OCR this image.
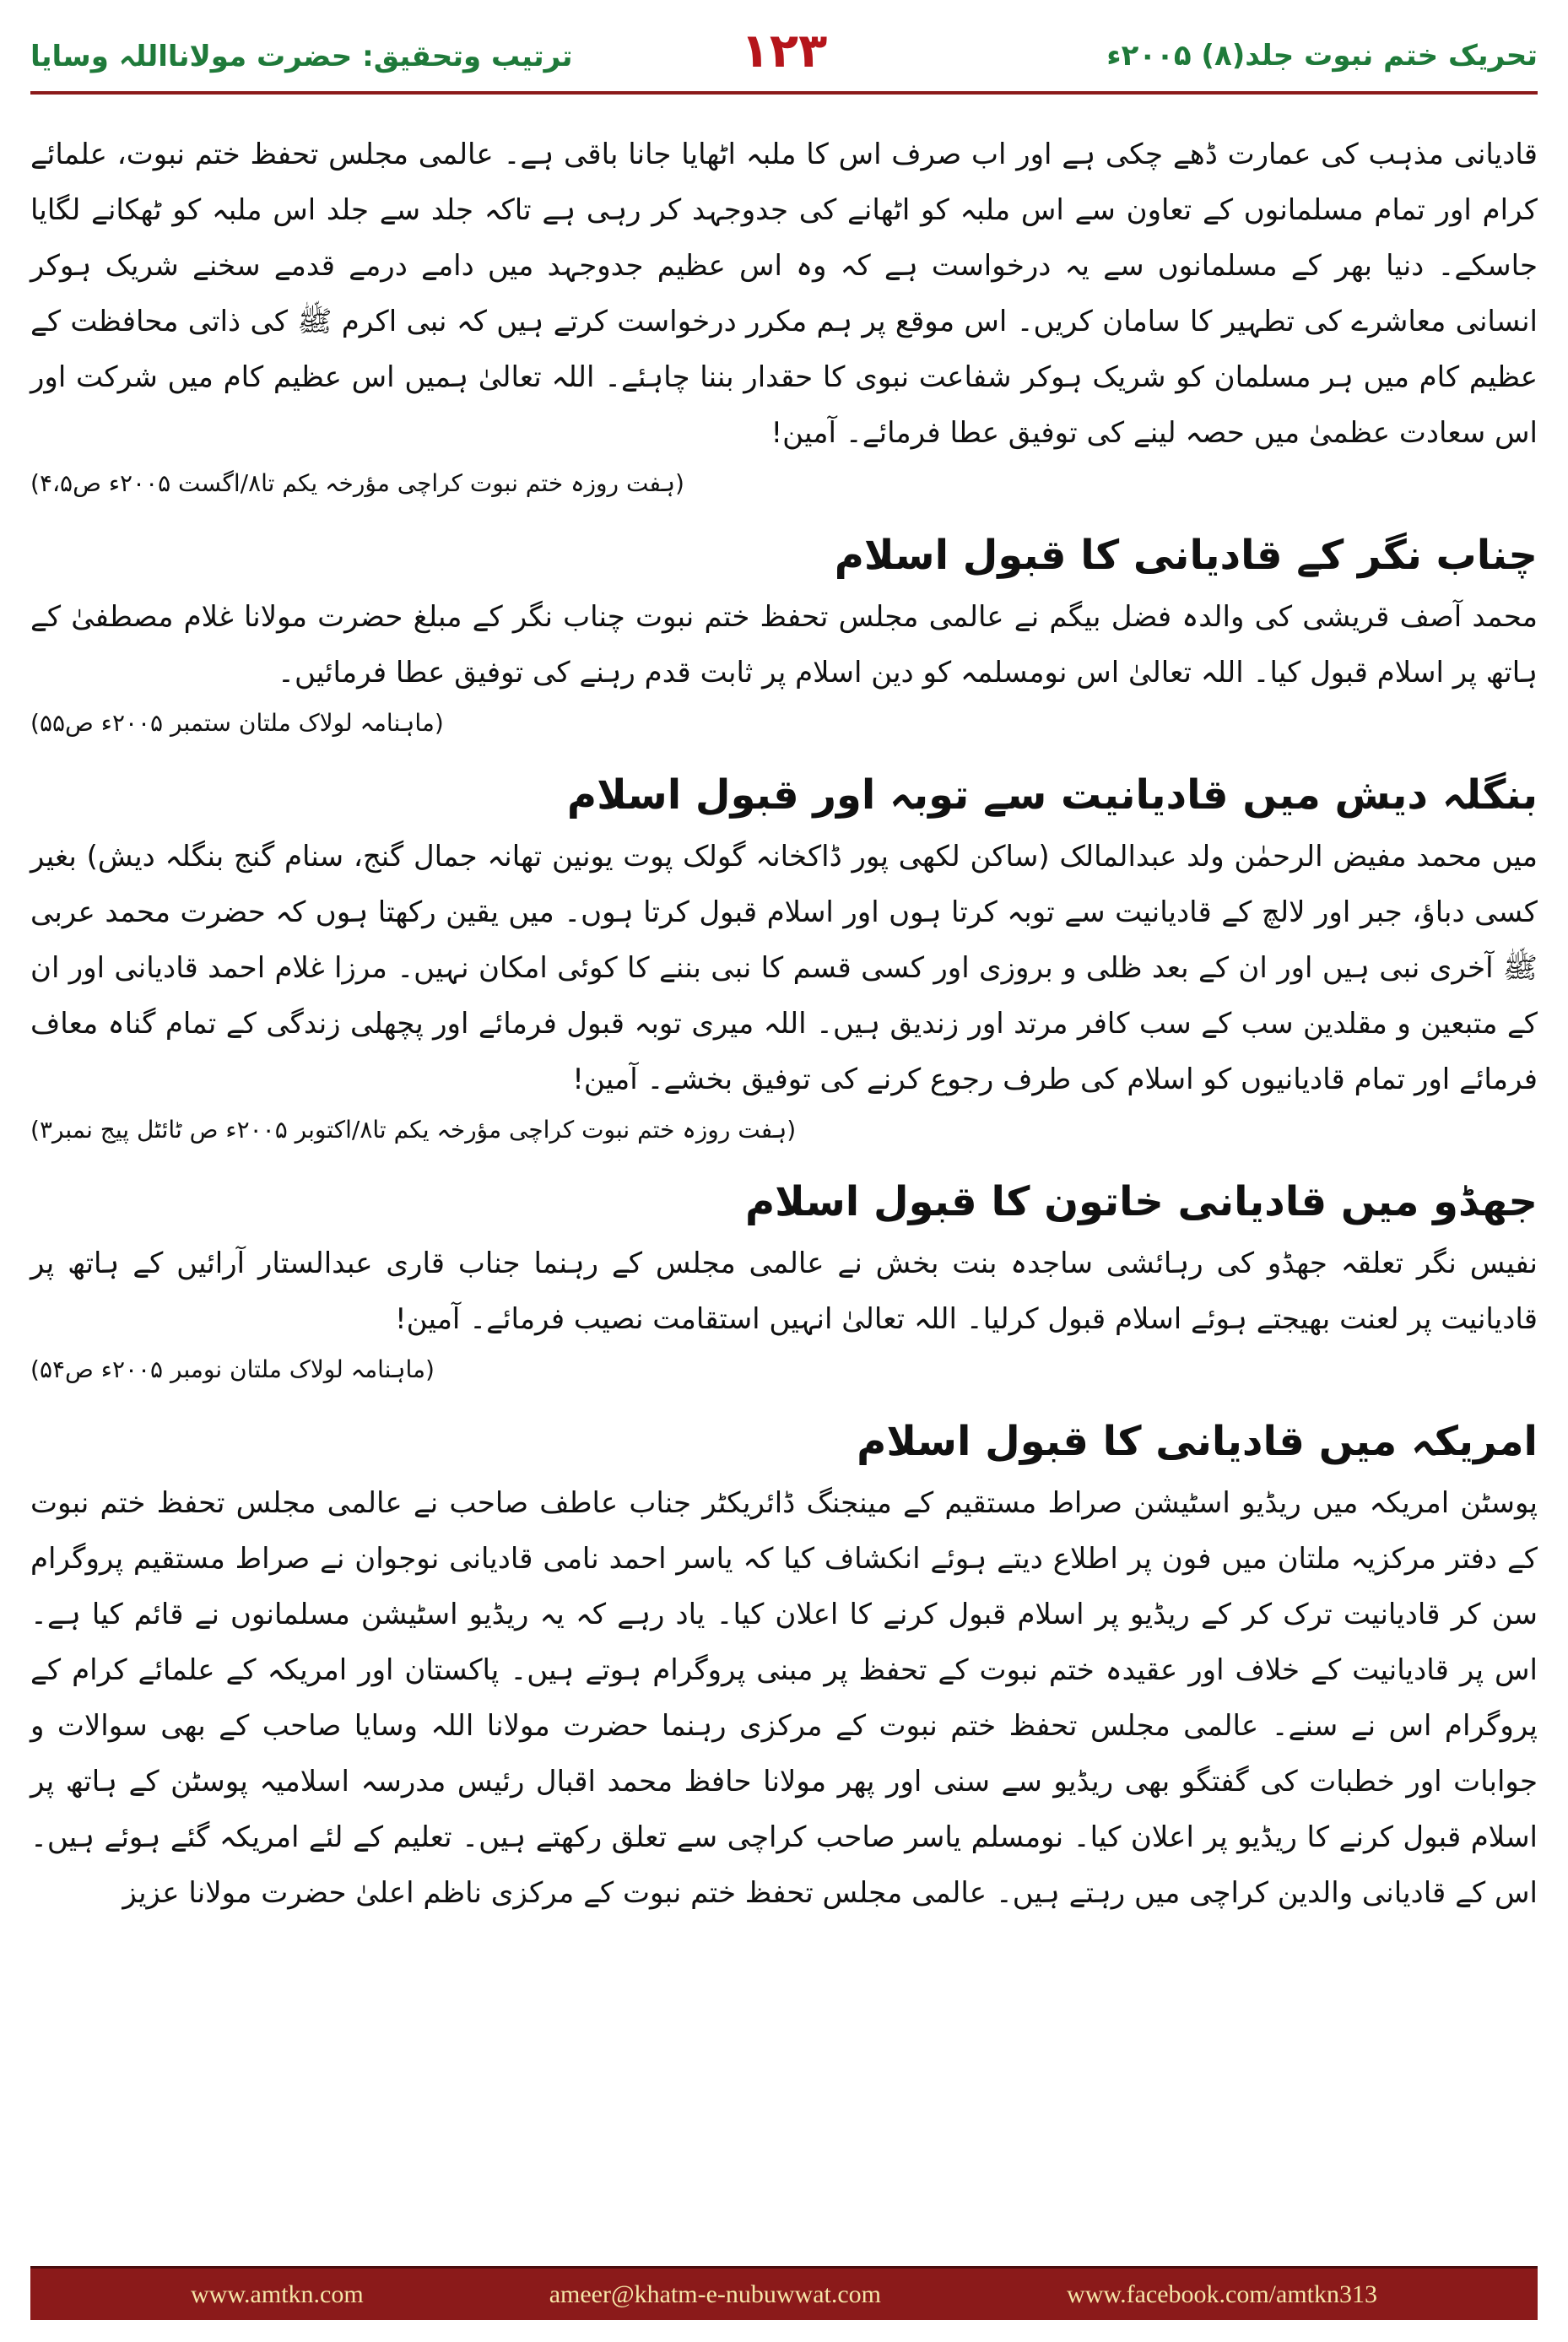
تحریک ختم نبوت جلد(۸) ۲۰۰۵ء
۱۲۳
ترتیب وتحقیق: حضرت مولانااللہ وسایا

قادیانی مذہب کی عمارت ڈھے چکی ہے اور اب صرف اس کا ملبہ اٹھایا جانا باقی ہے۔ عالمی مجلس تحفظ ختم نبوت، علمائے کرام اور تمام مسلمانوں کے تعاون سے اس ملبہ کو اٹھانے کی جدوجہد کر رہی ہے تاکہ جلد سے جلد اس ملبہ کو ٹھکانے لگایا جاسکے۔ دنیا بھر کے مسلمانوں سے یہ درخواست ہے کہ وہ اس عظیم جدوجہد میں دامے درمے قدمے سخنے شریک ہوکر انسانی معاشرے کی تطہیر کا سامان کریں۔ اس موقع پر ہم مکرر درخواست کرتے ہیں کہ نبی اکرم ﷺ کی ذاتی محافظت کے عظیم کام میں ہر مسلمان کو شریک ہوکر شفاعت نبوی کا حقدار بننا چاہئے۔ اللہ تعالیٰ ہمیں اس عظیم کام میں شرکت اور اس سعادت عظمیٰ میں حصہ لینے کی توفیق عطا فرمائے۔ آمین!

(ہفت روزہ ختم نبوت کراچی مؤرخہ یکم تا۸/اگست ۲۰۰۵ء ص۴،۵)

چناب نگر کے قادیانی کا قبول اسلام

محمد آصف قریشی کی والدہ فضل بیگم نے عالمی مجلس تحفظ ختم نبوت چناب نگر کے مبلغ حضرت مولانا غلام مصطفیٰ کے ہاتھ پر اسلام قبول کیا۔ اللہ تعالیٰ اس نومسلمہ کو دین اسلام پر ثابت قدم رہنے کی توفیق عطا فرمائیں۔

(ماہنامہ لولاک ملتان ستمبر ۲۰۰۵ء ص۵۵)

بنگلہ دیش میں قادیانیت سے توبہ اور قبول اسلام

میں محمد مفیض الرحمٰن ولد عبدالمالک (ساکن لکھی پور ڈاکخانہ گولک پوت یونین تھانہ جمال گنج، سنام گنج بنگلہ دیش) بغیر کسی دباؤ، جبر اور لالچ کے قادیانیت سے توبہ کرتا ہوں اور اسلام قبول کرتا ہوں۔ میں یقین رکھتا ہوں کہ حضرت محمد عربی ﷺ آخری نبی ہیں اور ان کے بعد ظلی و بروزی اور کسی قسم کا نبی بننے کا کوئی امکان نہیں۔ مرزا غلام احمد قادیانی اور ان کے متبعین و مقلدین سب کے سب کافر مرتد اور زندیق ہیں۔ اللہ میری توبہ قبول فرمائے اور پچھلی زندگی کے تمام گناہ معاف فرمائے اور تمام قادیانیوں کو اسلام کی طرف رجوع کرنے کی توفیق بخشے۔ آمین!

(ہفت روزہ ختم نبوت کراچی مؤرخہ یکم تا۸/اکتوبر ۲۰۰۵ء ص ٹائٹل پیج نمبر۳)

جھڈو میں قادیانی خاتون کا قبول اسلام

نفیس نگر تعلقہ جھڈو کی رہائشی ساجدہ بنت بخش نے عالمی مجلس کے رہنما جناب قاری عبدالستار آرائیں کے ہاتھ پر قادیانیت پر لعنت بھیجتے ہوئے اسلام قبول کرلیا۔ اللہ تعالیٰ انہیں استقامت نصیب فرمائے۔ آمین!

(ماہنامہ لولاک ملتان نومبر ۲۰۰۵ء ص۵۴)

امریکہ میں قادیانی کا قبول اسلام

پوسٹن امریکہ میں ریڈیو اسٹیشن صراط مستقیم کے مینجنگ ڈائریکٹر جناب عاطف صاحب نے عالمی مجلس تحفظ ختم نبوت کے دفتر مرکزیہ ملتان میں فون پر اطلاع دیتے ہوئے انکشاف کیا کہ یاسر احمد نامی قادیانی نوجوان نے صراط مستقیم پروگرام سن کر قادیانیت ترک کر کے ریڈیو پر اسلام قبول کرنے کا اعلان کیا۔ یاد رہے کہ یہ ریڈیو اسٹیشن مسلمانوں نے قائم کیا ہے۔ اس پر قادیانیت کے خلاف اور عقیدہ ختم نبوت کے تحفظ پر مبنی پروگرام ہوتے ہیں۔ پاکستان اور امریکہ کے علمائے کرام کے پروگرام اس نے سنے۔ عالمی مجلس تحفظ ختم نبوت کے مرکزی رہنما حضرت مولانا اللہ وسایا صاحب کے بھی سوالات و جوابات اور خطبات کی گفتگو بھی ریڈیو سے سنی اور پھر مولانا حافظ محمد اقبال رئیس مدرسہ اسلامیہ پوسٹن کے ہاتھ پر اسلام قبول کرنے کا ریڈیو پر اعلان کیا۔ نومسلم یاسر صاحب کراچی سے تعلق رکھتے ہیں۔ تعلیم کے لئے امریکہ گئے ہوئے ہیں۔ اس کے قادیانی والدین کراچی میں رہتے ہیں۔ عالمی مجلس تحفظ ختم نبوت کے مرکزی ناظم اعلیٰ حضرت مولانا عزیز

www.amtkn.com	ameer@khatm-e-nubuwwat.com	www.facebook.com/amtkn313
